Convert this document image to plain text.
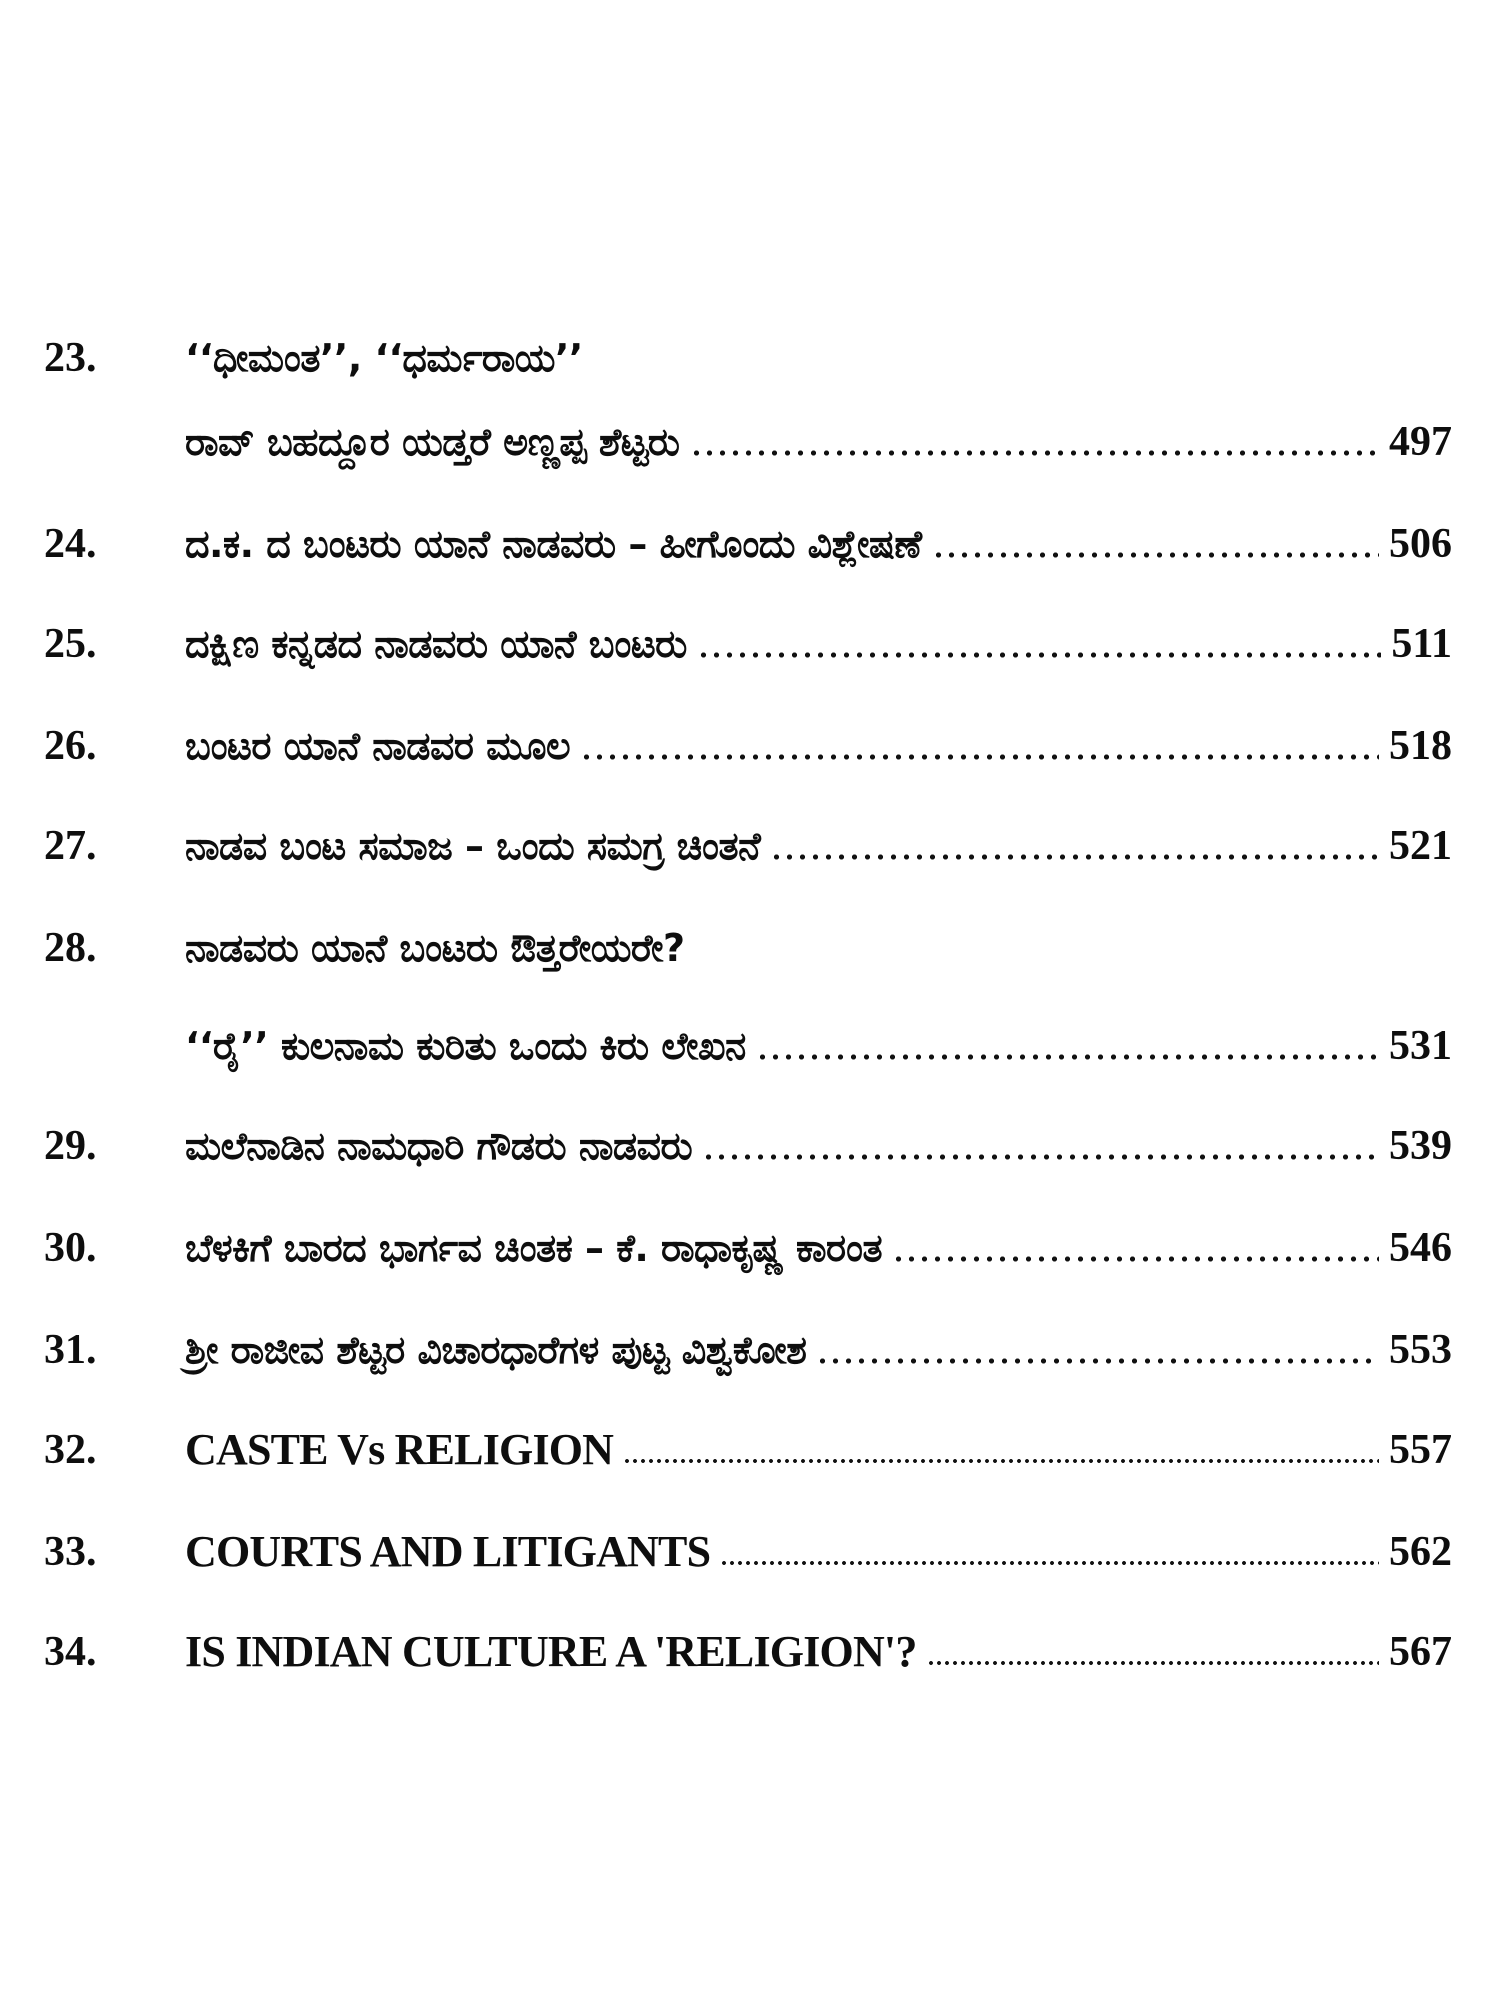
23.	‘‘ಧೀಮಂತ’’, ‘‘ಧರ್ಮರಾಯ’’
ರಾವ್ ಬಹದ್ದೂರ ಯಡ್ತರೆ ಅಣ್ಣಪ್ಪ ಶೆಟ್ಟರು	497
24.	ದ.ಕ. ದ ಬಂಟರು ಯಾನೆ ನಾಡವರು – ಹೀಗೊಂದು ವಿಶ್ಲೇಷಣೆ	506
25.	ದಕ್ಷಿಣ ಕನ್ನಡದ ನಾಡವರು ಯಾನೆ ಬಂಟರು	511
26.	ಬಂಟರ ಯಾನೆ ನಾಡವರ ಮೂಲ	518
27.	ನಾಡವ ಬಂಟ ಸಮಾಜ – ಒಂದು ಸಮಗ್ರ ಚಿಂತನೆ	521
28.	ನಾಡವರು ಯಾನೆ ಬಂಟರು ಔತ್ತರೇಯರೇ?
‘‘ರೈ’’ ಕುಲನಾಮ ಕುರಿತು ಒಂದು ಕಿರು ಲೇಖನ	531
29.	ಮಲೆನಾಡಿನ ನಾಮಧಾರಿ ಗೌಡರು ನಾಡವರು	539
30.	ಬೆಳಕಿಗೆ ಬಾರದ ಭಾರ್ಗವ ಚಿಂತಕ – ಕೆ. ರಾಧಾಕೃಷ್ಣ ಕಾರಂತ	546
31.	ಶ್ರೀ ರಾಜೀವ ಶೆಟ್ಟರ ವಿಚಾರಧಾರೆಗಳ ಪುಟ್ಟ ವಿಶ್ವಕೋಶ	553
32.	CASTE Vs RELIGION	557
33.	COURTS AND LITIGANTS	562
34.	IS INDIAN CULTURE A 'RELIGION'?	567
